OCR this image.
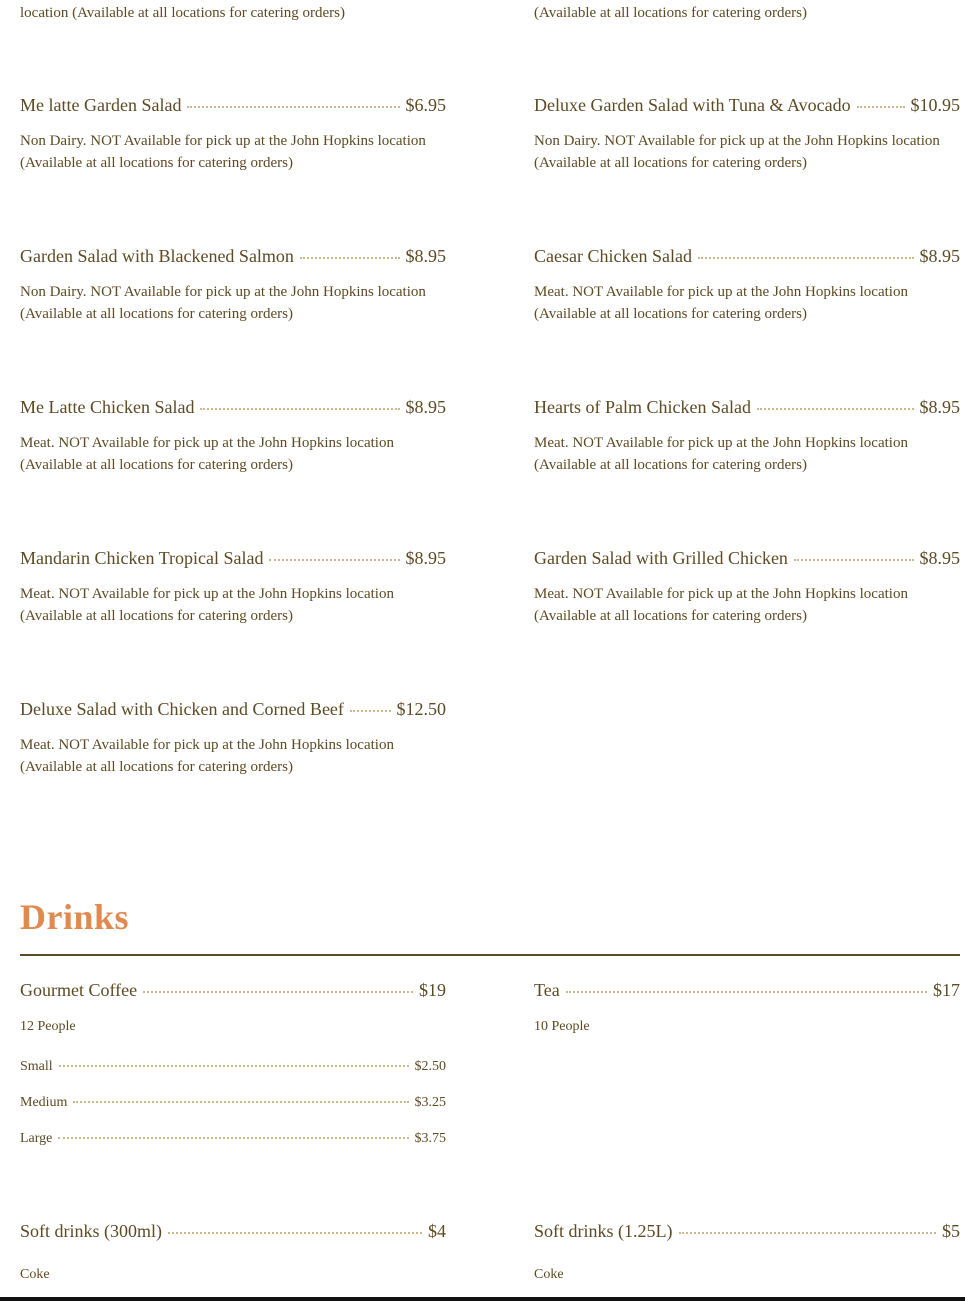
location (Available at all locations for catering orders)	(Available at all locations for catering orders)
Me latte Garden Salad	$6.95
Non Dairy. NOT Available for pick up at the John Hopkins location
(Available at all locations for catering orders)
Deluxe Garden Salad with Tuna & Avocado	$10.95
Non Dairy. NOT Available for pick up at the John Hopkins location
(Available at all locations for catering orders)
Garden Salad with Blackened Salmon	$8.95
Non Dairy. NOT Available for pick up at the John Hopkins location
(Available at all locations for catering orders)
Caesar Chicken Salad	$8.95
Meat. NOT Available for pick up at the John Hopkins location
(Available at all locations for catering orders)
Me Latte Chicken Salad	$8.95
Meat. NOT Available for pick up at the John Hopkins location
(Available at all locations for catering orders)
Hearts of Palm Chicken Salad	$8.95
Meat. NOT Available for pick up at the John Hopkins location
(Available at all locations for catering orders)
Mandarin Chicken Tropical Salad	$8.95
Meat. NOT Available for pick up at the John Hopkins location
(Available at all locations for catering orders)
Garden Salad with Grilled Chicken	$8.95
Meat. NOT Available for pick up at the John Hopkins location
(Available at all locations for catering orders)
Deluxe Salad with Chicken and Corned Beef	$12.50
Meat. NOT Available for pick up at the John Hopkins location
(Available at all locations for catering orders)
Drinks
Gourmet Coffee	$19
12 People
Small	$2.50
Medium	$3.25
Large	$3.75
Tea	$17
10 People
Soft drinks (300ml)	$4
Coke
Soft drinks (1.25L)	$5
Coke
